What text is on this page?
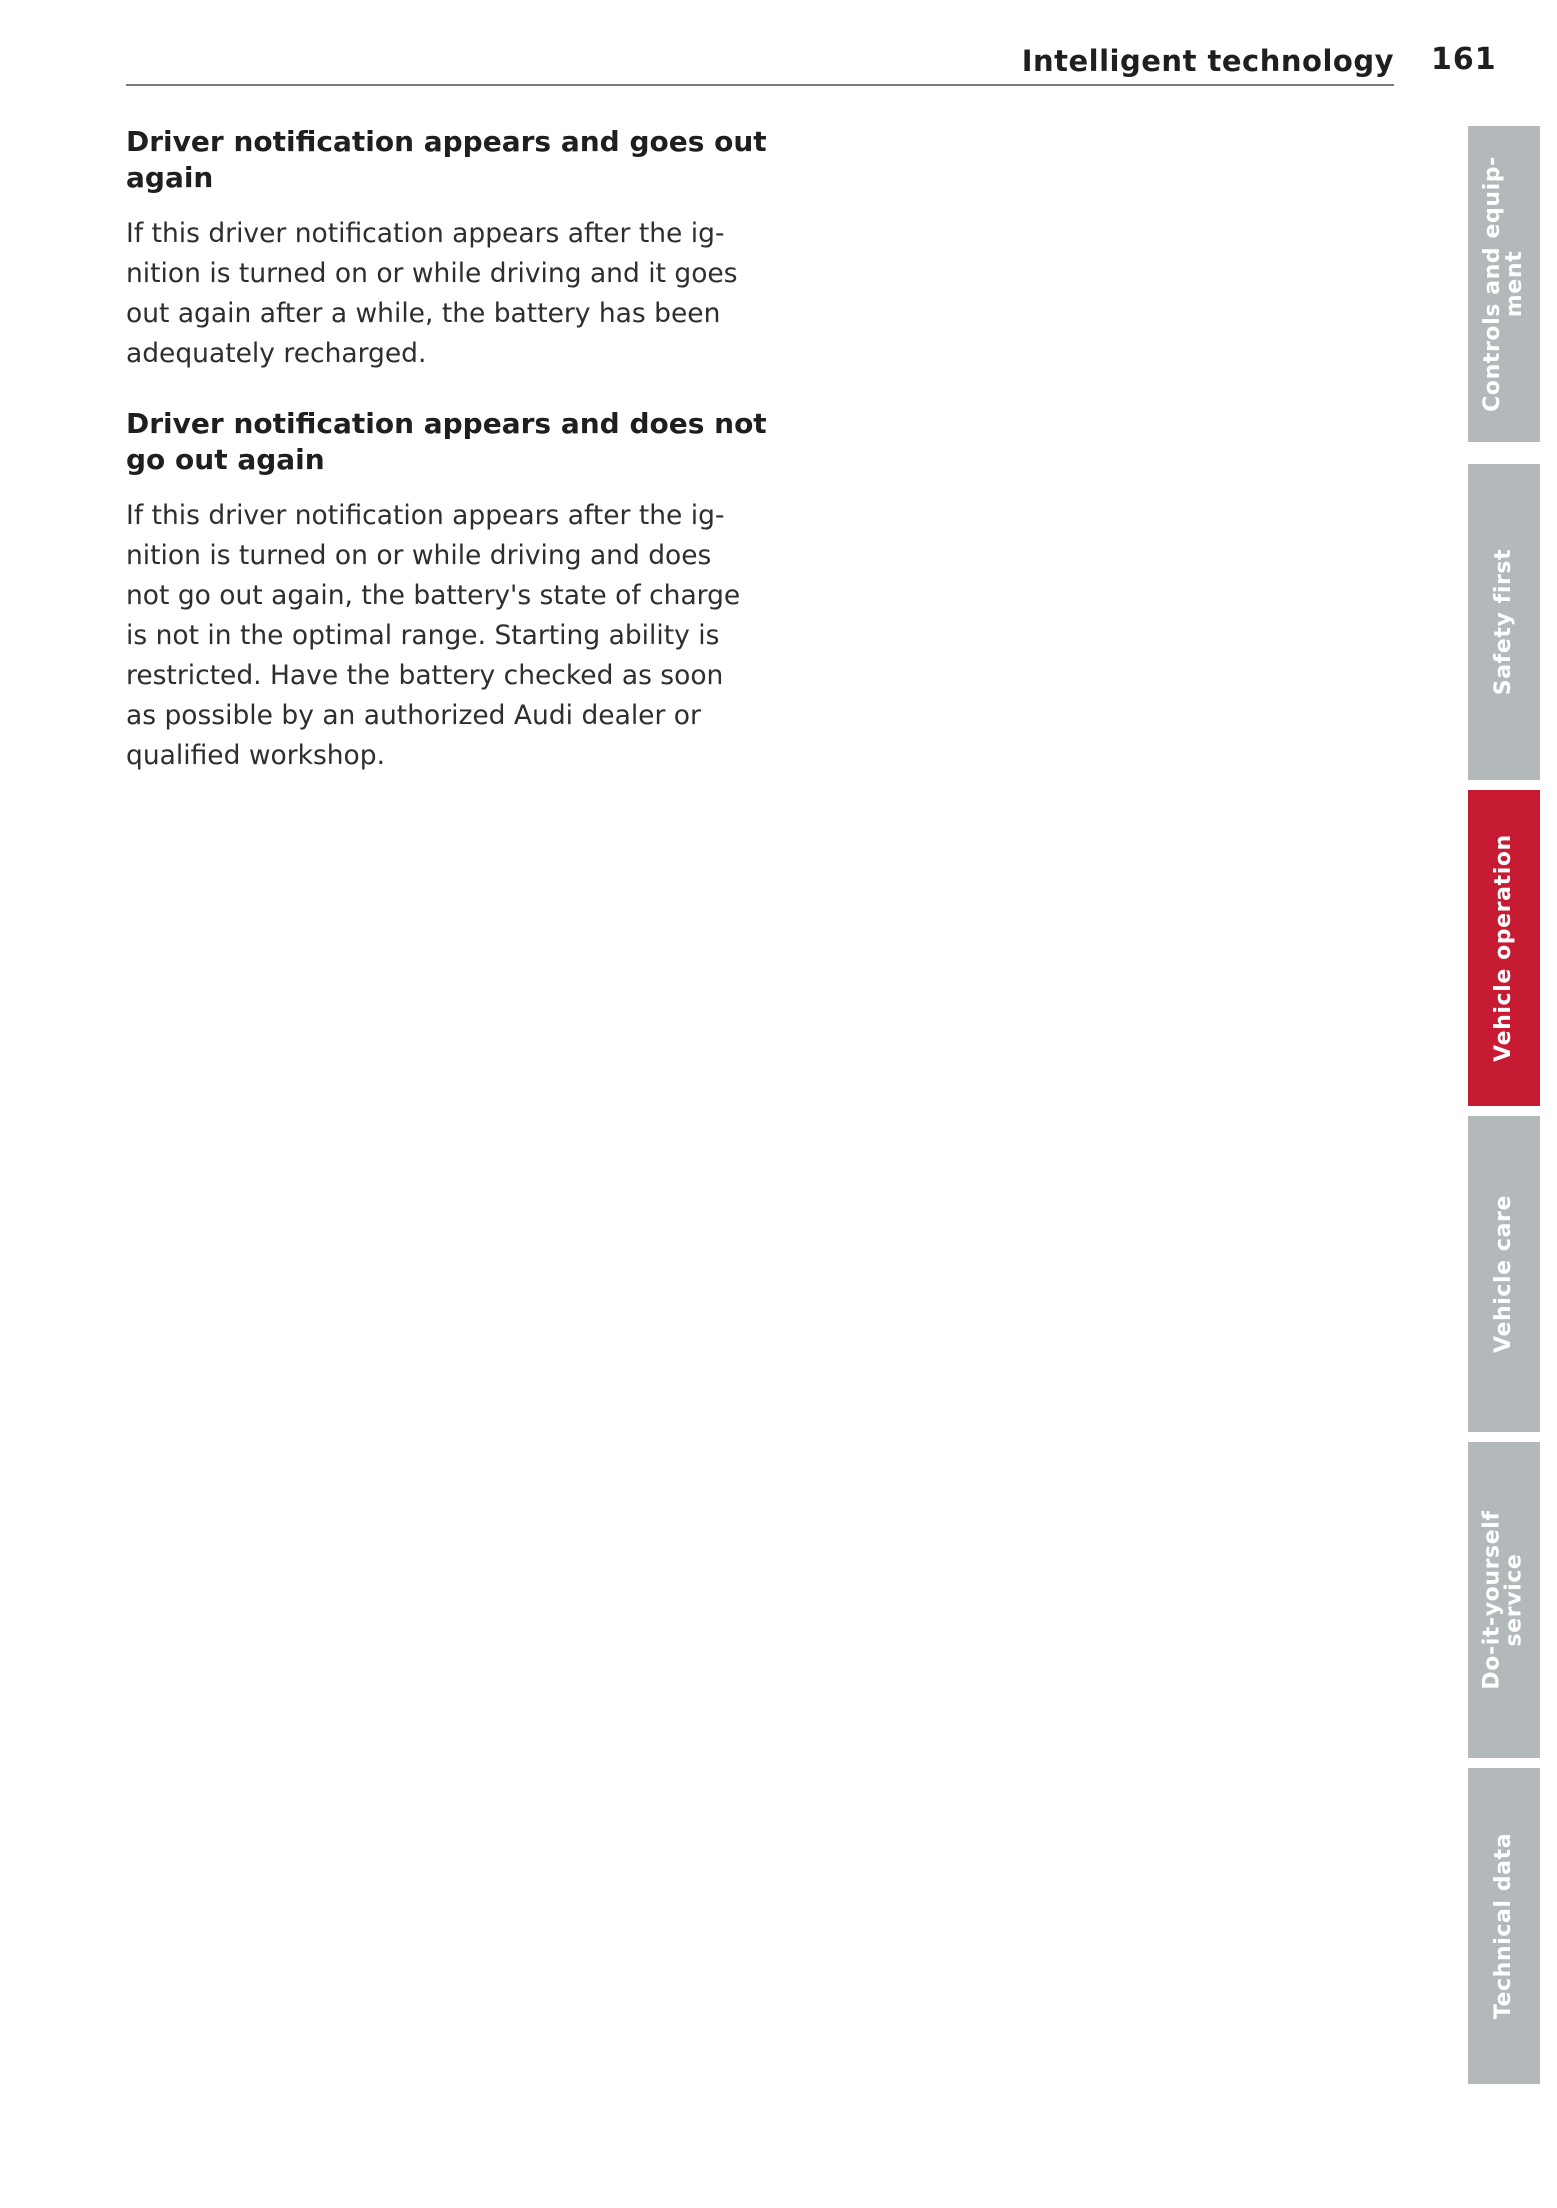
Intelligent technology 161
Driver notification appears and goes out
again

If this driver notification appears after the ig-
nition is turned on or while driving and it goes
out again after a while, the battery has been
adequately recharged.

Driver notification appears and does not
go out again

If this driver notification appears after the ig-
nition is turned on or while driving and does
not go out again, the battery's state of charge
is not in the optimal range. Starting ability is
restricted. Have the battery checked as soon
as possible by an authorized Audi dealer or
qualified workshop.

Controls and equip-
ment
Safety first
Vehicle operation
Vehicle care
Do-it-yourself
service
Technical data
